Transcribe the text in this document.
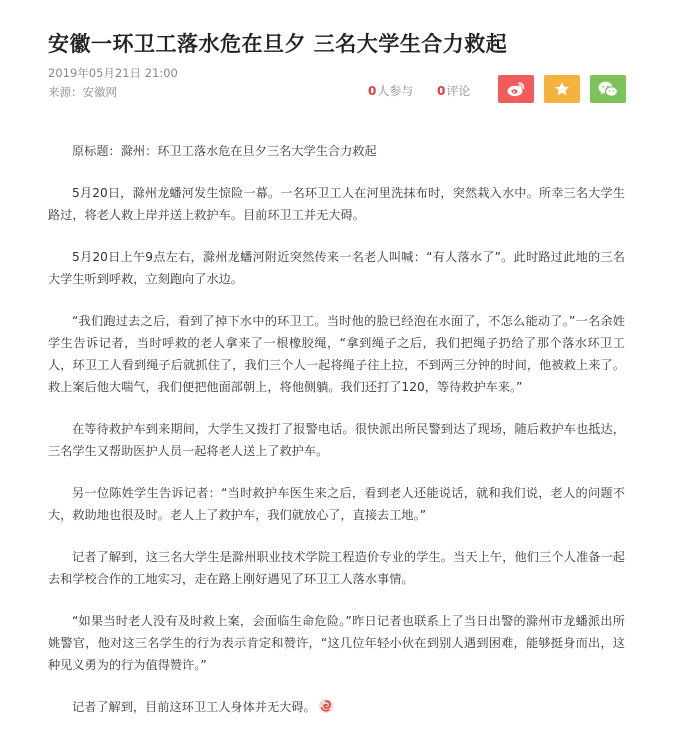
安徽一环卫工落水危在旦夕 三名大学生合力救起
2019年05月21日 21:00
来源：安徽网	0人参与 0评论

原标题：滁州：环卫工落水危在旦夕三名大学生合力救起

5月20日，滁州龙蟠河发生惊险一幕。一名环卫工人在河里洗抹布时，突然栽入水中。所幸三名大学生路过，将老人救上岸并送上救护车。目前环卫工并无大碍。

5月20日上午9点左右，滁州龙蟠河附近突然传来一名老人叫喊：“有人落水了”。此时路过此地的三名大学生听到呼救，立刻跑向了水边。

“我们跑过去之后，看到了掉下水中的环卫工。当时他的脸已经泡在水面了，不怎么能动了。”一名余姓学生告诉记者，当时呼救的老人拿来了一根橡胶绳，“拿到绳子之后，我们把绳子扔给了那个落水环卫工人，环卫工人看到绳子后就抓住了，我们三个人一起将绳子往上拉，不到两三分钟的时间，他被救上来了。救上案后他大喘气，我们便把他面部朝上，将他侧躺。我们还打了120，等待救护车来。”

在等待救护车到来期间，大学生又拨打了报警电话。很快派出所民警到达了现场，随后救护车也抵达，三名学生又帮助医护人员一起将老人送上了救护车。

另一位陈姓学生告诉记者：“当时救护车医生来之后，看到老人还能说话，就和我们说，老人的问题不大，救助地也很及时。老人上了救护车，我们就放心了，直接去工地。”

记者了解到，这三名大学生是滁州职业技术学院工程造价专业的学生。当天上午，他们三个人准备一起去和学校合作的工地实习，走在路上刚好遇见了环卫工人落水事情。

“如果当时老人没有及时救上案，会面临生命危险。”昨日记者也联系上了当日出警的滁州市龙蟠派出所姚警官，他对这三名学生的行为表示肯定和赞许，“这几位年轻小伙在到别人遇到困难，能够挺身而出，这种见义勇为的行为值得赞许。”

记者了解到，目前这环卫工人身体并无大碍。
